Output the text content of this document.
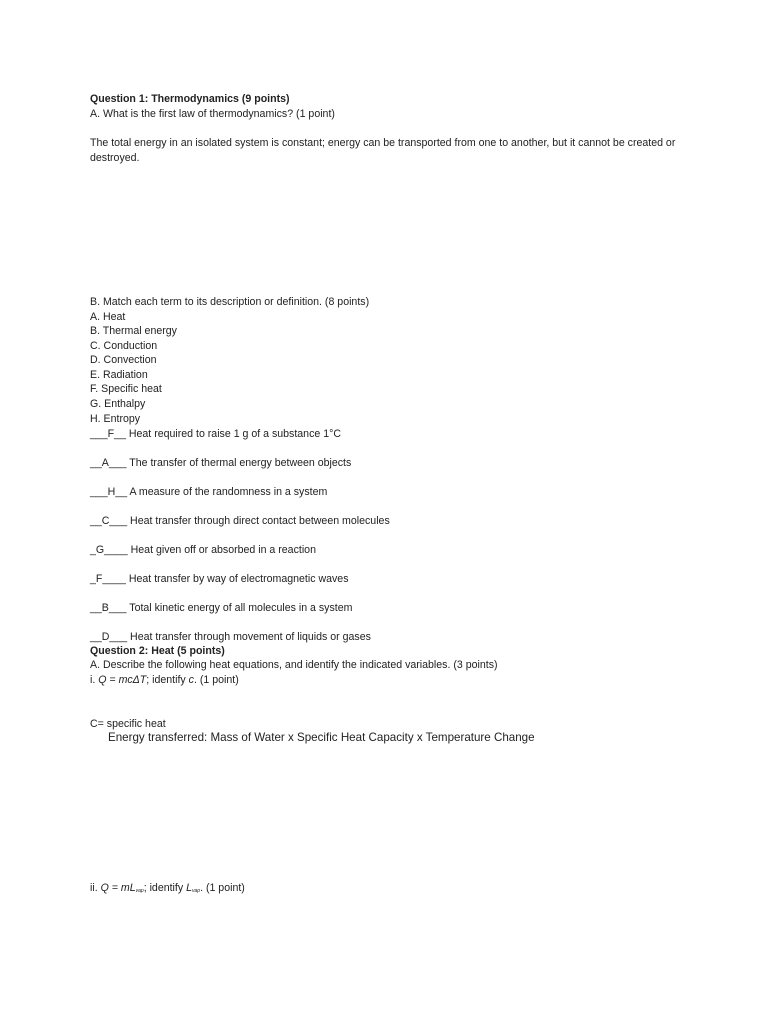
Question 1: Thermodynamics (9 points)
A. What is the first law of thermodynamics? (1 point)
The total energy in an isolated system is constant; energy can be transported from one to another, but it cannot be created or destroyed.
B. Match each term to its description or definition. (8 points)
A. Heat
B. Thermal energy
C. Conduction
D. Convection
E. Radiation
F. Specific heat
G. Enthalpy
H. Entropy
___F__ Heat required to raise 1 g of a substance 1°C
__A___ The transfer of thermal energy between objects
___H__ A measure of the randomness in a system
__C___ Heat transfer through direct contact between molecules
_G____ Heat given off or absorbed in a reaction
_F____ Heat transfer by way of electromagnetic waves
__B___ Total kinetic energy of all molecules in a system
__D___ Heat transfer through movement of liquids or gases
Question 2: Heat (5 points)
A. Describe the following heat equations, and identify the indicated variables. (3 points)
i. Q = mcΔT; identify c. (1 point)
C= specific heat
Energy transferred: Mass of Water x Specific Heat Capacity x Temperature Change
ii. $Q = mL_{vap}$; identify $L_{vap}$. (1 point)
